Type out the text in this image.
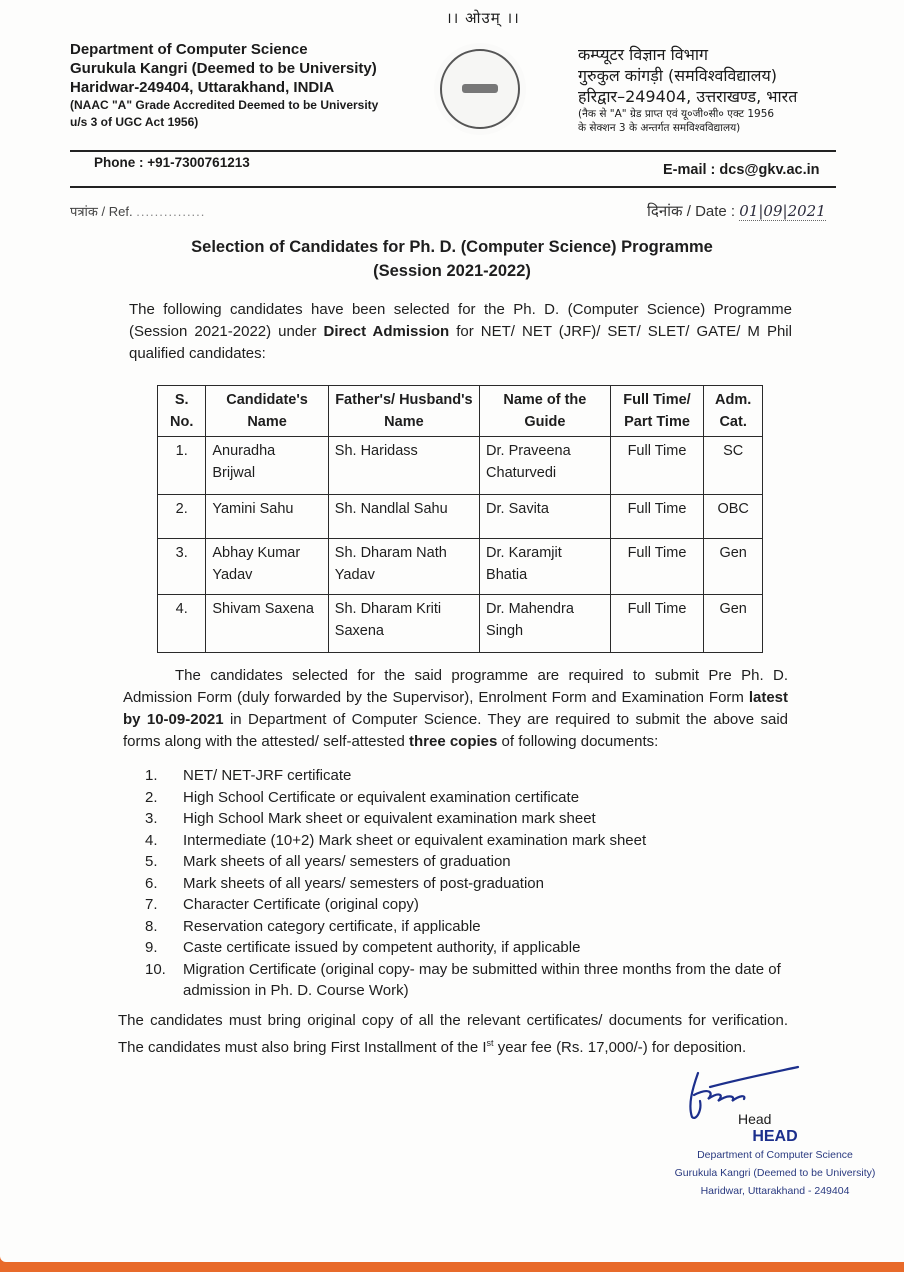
।। ओउम् ।।
Department of Computer Science
Gurukula Kangri (Deemed to be University)
Haridwar-249404, Uttarakhand, INDIA
(NAAC "A" Grade Accredited Deemed to be University
u/s 3 of UGC Act 1956)
कम्प्यूटर विज्ञान विभाग
गुरुकुल कांगड़ी (समविश्वविद्यालय)
हरिद्वार–249404, उत्तराखण्ड, भारत
(नैक से "A" ग्रेड प्राप्त एवं यू०जी०सी० एक्ट 1956
के सेक्शन 3 के अन्तर्गत समविश्वविद्यालय)
Phone : +91-7300761213	E-mail : dcs@gkv.ac.in
पत्रांक / Ref. ...............	दिनांक / Date : 01|09|2021
Selection of Candidates for Ph. D. (Computer Science) Programme
(Session 2021-2022)
The following candidates have been selected for the Ph. D. (Computer Science) Programme (Session 2021-2022) under Direct Admission for NET/ NET (JRF)/ SET/ SLET/ GATE/ M Phil qualified candidates:
S. No.	Candidate's Name	Father's/ Husband's Name	Name of the Guide	Full Time/ Part Time	Adm. Cat.
1.	Anuradha Brijwal	Sh. Haridass	Dr. Praveena Chaturvedi	Full Time	SC
2.	Yamini Sahu	Sh. Nandlal Sahu	Dr. Savita	Full Time	OBC
3.	Abhay Kumar Yadav	Sh. Dharam Nath Yadav	Dr. Karamjit Bhatia	Full Time	Gen
4.	Shivam Saxena	Sh. Dharam Kriti Saxena	Dr. Mahendra Singh	Full Time	Gen
The candidates selected for the said programme are required to submit Pre Ph. D. Admission Form (duly forwarded by the Supervisor), Enrolment Form and Examination Form latest by 10-09-2021 in Department of Computer Science. They are required to submit the above said forms along with the attested/ self-attested three copies of following documents:
1.	NET/ NET-JRF certificate
2.	High School Certificate or equivalent examination certificate
3.	High School Mark sheet or equivalent examination mark sheet
4.	Intermediate (10+2) Mark sheet or equivalent examination mark sheet
5.	Mark sheets of all years/ semesters of graduation
6.	Mark sheets of all years/ semesters of post-graduation
7.	Character Certificate (original copy)
8.	Reservation category certificate, if applicable
9.	Caste certificate issued by competent authority, if applicable
10.	Migration Certificate (original copy- may be submitted within three months from the date of admission in Ph. D. Course Work)
The candidates must bring original copy of all the relevant certificates/ documents for verification. The candidates must also bring First Installment of the Ist year fee (Rs. 17,000/-) for deposition.
Head
HEAD
Department of Computer Science
Gurukula Kangri (Deemed to be University)
Haridwar, Uttarakhand - 249404
